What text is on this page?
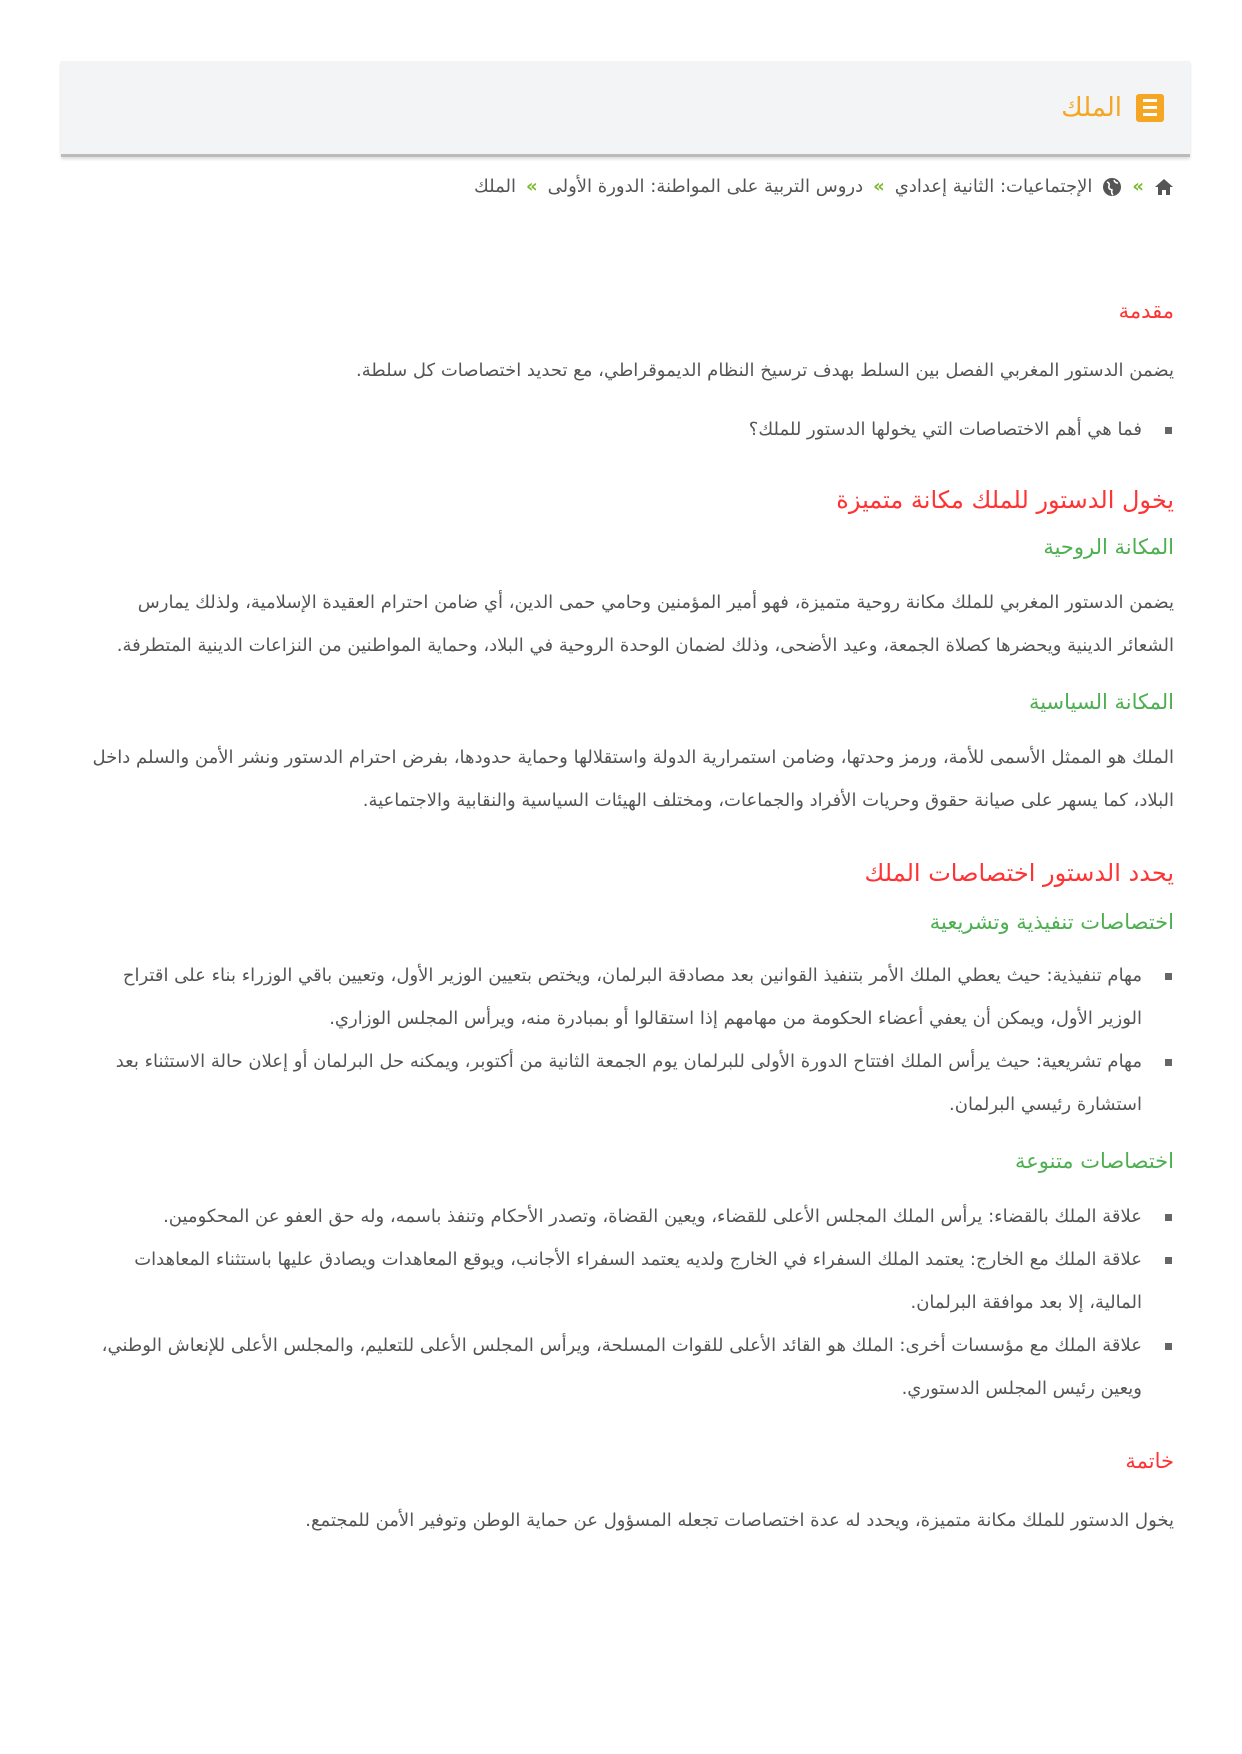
الملك
»
الإجتماعيات: الثانية إعدادي
»
دروس التربية على المواطنة: الدورة الأولى
»
الملك
مقدمة

يضمن الدستور المغربي الفصل بين السلط بهدف ترسيخ النظام الديموقراطي، مع تحديد اختصاصات كل سلطة.

فما هي أهم الاختصاصات التي يخولها الدستور للملك؟
يخول الدستور للملك مكانة متميزة
المكانة الروحية

يضمن الدستور المغربي للملك مكانة روحية متميزة، فهو أمير المؤمنين وحامي حمى الدين، أي ضامن احترام العقيدة الإسلامية، ولذلك يمارس الشعائر الدينية ويحضرها كصلاة الجمعة، وعيد الأضحى، وذلك لضمان الوحدة الروحية في البلاد، وحماية المواطنين من النزاعات الدينية المتطرفة.

المكانة السياسية

الملك هو الممثل الأسمى للأمة، ورمز وحدتها، وضامن استمرارية الدولة واستقلالها وحماية حدودها، بفرض احترام الدستور ونشر الأمن والسلم داخل البلاد، كما يسهر على صيانة حقوق وحريات الأفراد والجماعات، ومختلف الهيئات السياسية والنقابية والاجتماعية.

يحدد الدستور اختصاصات الملك
اختصاصات تنفيذية وتشريعية
مهام تنفيذية: حيث يعطي الملك الأمر بتنفيذ القوانين بعد مصادقة البرلمان، ويختص بتعيين الوزير الأول، وتعيين باقي الوزراء بناء على اقتراح الوزير الأول، ويمكن أن يعفي أعضاء الحكومة من مهامهم إذا استقالوا أو بمبادرة منه، ويرأس المجلس الوزاري.
مهام تشريعية: حيث يرأس الملك افتتاح الدورة الأولى للبرلمان يوم الجمعة الثانية من أكتوبر، ويمكنه حل البرلمان أو إعلان حالة الاستثناء بعد استشارة رئيسي البرلمان.
اختصاصات متنوعة
علاقة الملك بالقضاء: يرأس الملك المجلس الأعلى للقضاء، ويعين القضاة، وتصدر الأحكام وتنفذ باسمه، وله حق العفو عن المحكومين.
علاقة الملك مع الخارج: يعتمد الملك السفراء في الخارج ولديه يعتمد السفراء الأجانب، ويوقع المعاهدات ويصادق عليها باستثناء المعاهدات المالية، إلا بعد موافقة البرلمان.
علاقة الملك مع مؤسسات أخرى: الملك هو القائد الأعلى للقوات المسلحة، ويرأس المجلس الأعلى للتعليم، والمجلس الأعلى للإنعاش الوطني، ويعين رئيس المجلس الدستوري.
خاتمة

يخول الدستور للملك مكانة متميزة، ويحدد له عدة اختصاصات تجعله المسؤول عن حماية الوطن وتوفير الأمن للمجتمع.
